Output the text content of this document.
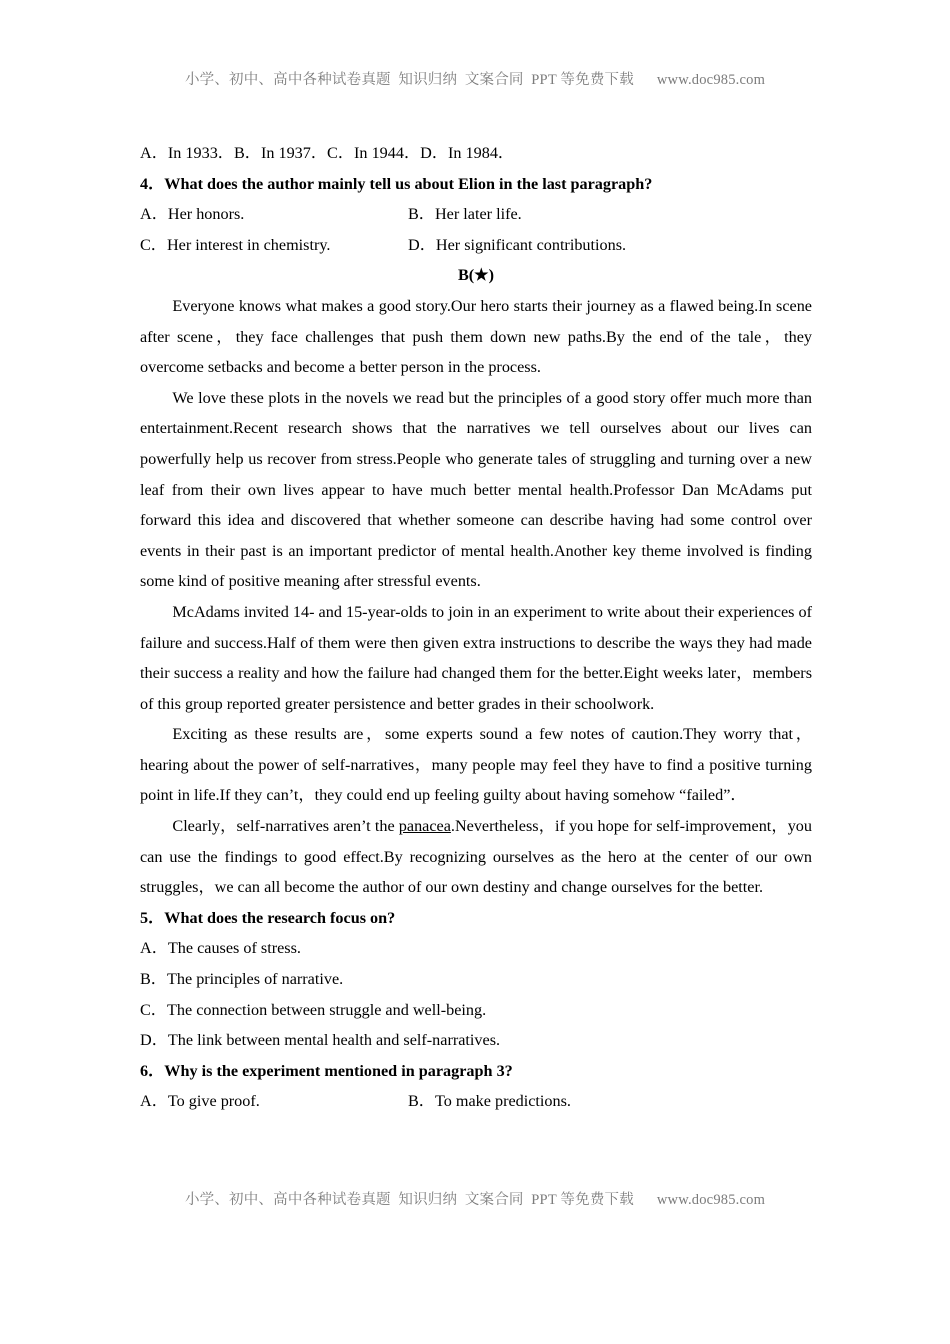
小学、初中、高中各种试卷真题  知识归纳  文案合同  PPT 等免费下载      www.doc985.com
A．In 1933．B．In 1937．C．In 1944．D．In 1984．
4．What does the author mainly tell us about Elion in the last paragraph?
A．Her honors.	B．Her later life.
C．Her interest in chemistry.	D．Her significant contributions.
B(★)

Everyone knows what makes a good story.Our hero starts their journey as a flawed being.In scene after scene，they face challenges that push them down new paths.By the end of the tale，they overcome setbacks and become a better person in the process.

We love these plots in the novels we read but the principles of a good story offer much more than entertainment.Recent research shows that the narratives we tell ourselves about our lives can powerfully help us recover from stress.People who generate tales of struggling and turning over a new leaf from their own lives appear to have much better mental health.Professor Dan McAdams put forward this idea and discovered that whether someone can describe having had some control over events in their past is an important predictor of mental health.Another key theme involved is finding some kind of positive meaning after stressful events.

McAdams invited 14- and 15-year-olds to join in an experiment to write about their experiences of failure and success.Half of them were then given extra instructions to describe the ways they had made their success a reality and how the failure had changed them for the better.Eight weeks later，members of this group reported greater persistence and better grades in their schoolwork.

Exciting as these results are，some experts sound a few notes of caution.They worry that，hearing about the power of self-narratives，many people may feel they have to find a positive turning point in life.If they can’t，they could end up feeling guilty about having somehow “failed”．

Clearly，self-narratives aren’t the panacea.Nevertheless，if you hope for self-improvement，you can use the findings to good effect.By recognizing ourselves as the hero at the center of our own struggles，we can all become the author of our own destiny and change ourselves for the better.

5．What does the research focus on?
A．The causes of stress.
B．The principles of narrative.
C．The connection between struggle and well-being.
D．The link between mental health and self-narratives.
6．Why is the experiment mentioned in paragraph 3?
A．To give proof.	B．To make predictions.
小学、初中、高中各种试卷真题  知识归纳  文案合同  PPT 等免费下载      www.doc985.com
